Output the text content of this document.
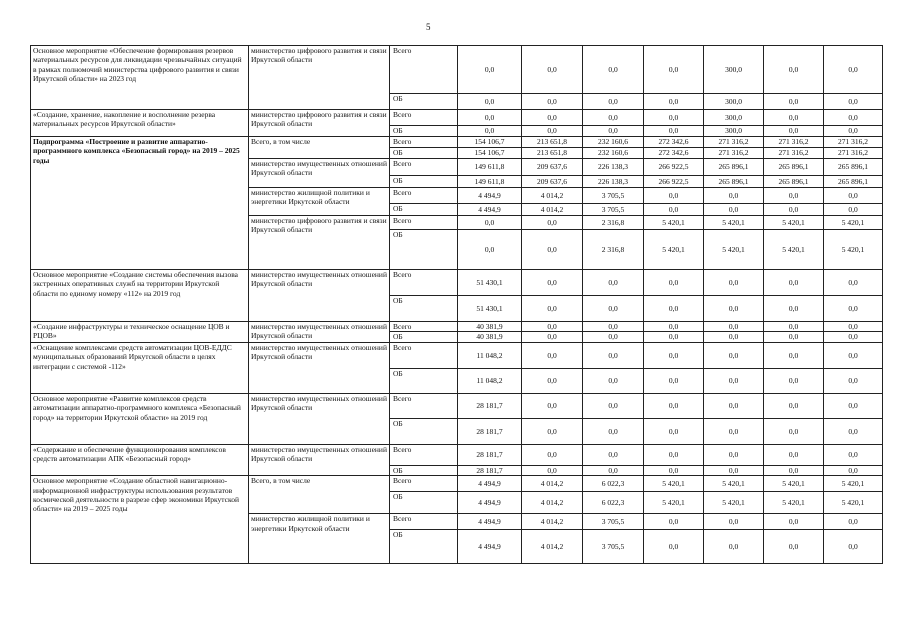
5
Основное мероприятие «Обеспечение формирования резервов материальных ресурсов для ликвидации чрезвычайных ситуаций в рамках полномочий министерства цифрового развития и связи Иркутской области» на 2023 год	министерство цифрового развития и связи Иркутской области	Всего	0,0	0,0	0,0	0,0	300,0	0,0	0,0
		ОБ	0,0	0,0	0,0	0,0	300,0	0,0	0,0
«Создание, хранение, накопление и восполнение резерва материальных ресурсов Иркутской области»	министерство цифрового развития и связи Иркутской области	Всего	0,0	0,0	0,0	0,0	300,0	0,0	0,0
		ОБ	0,0	0,0	0,0	0,0	300,0	0,0	0,0
Подпрограмма «Построение и развитие аппаратно-программного комплекса «Безопасный город» на 2019 – 2025 годы	Всего, в том числе	Всего	154 106,7	213 651,8	232 160,6	272 342,6	271 316,2	271 316,2	271 316,2
		ОБ	154 106,7	213 651,8	232 160,6	272 342,6	271 316,2	271 316,2	271 316,2
	министерство имущественных отношений Иркутской области	Всего	149 611,8	209 637,6	226 138,3	266 922,5	265 896,1	265 896,1	265 896,1
		ОБ	149 611,8	209 637,6	226 138,3	266 922,5	265 896,1	265 896,1	265 896,1
	министерство жилищной политики и энергетики Иркутской области	Всего	4 494,9	4 014,2	3 705,5	0,0	0,0	0,0	0,0
		ОБ	4 494,9	4 014,2	3 705,5	0,0	0,0	0,0	0,0
	министерство цифрового развития и связи Иркутской области	Всего	0,0	0,0	2 316,8	5 420,1	5 420,1	5 420,1	5 420,1
		ОБ	0,0	0,0	2 316,8	5 420,1	5 420,1	5 420,1	5 420,1
Основное мероприятие «Создание системы обеспечения вызова экстренных оперативных служб на территории Иркутской области по единому номеру «112» на 2019 год	министерство имущественных отношений Иркутской области	Всего	51 430,1	0,0	0,0	0,0	0,0	0,0	0,0
		ОБ	51 430,1	0,0	0,0	0,0	0,0	0,0	0,0
«Создание инфраструктуры и техническое оснащение ЦОВ и РЦОВ»	министерство имущественных отношений Иркутской области	Всего	40 381,9	0,0	0,0	0,0	0,0	0,0	0,0
		ОБ	40 381,9	0,0	0,0	0,0	0,0	0,0	0,0
«Оснащение комплексами средств автоматизации ЦОВ-ЕДДС муниципальных образований Иркутской области в целях интеграции с системой -112»	министерство имущественных отношений Иркутской области	Всего	11 048,2	0,0	0,0	0,0	0,0	0,0	0,0
		ОБ	11 048,2	0,0	0,0	0,0	0,0	0,0	0,0
Основное мероприятие «Развитие комплексов средств автоматизации аппаратно-программного комплекса «Безопасный город» на территории Иркутской области» на 2019 год	министерство имущественных отношений Иркутской области	Всего	28 181,7	0,0	0,0	0,0	0,0	0,0	0,0
		ОБ	28 181,7	0,0	0,0	0,0	0,0	0,0	0,0
«Содержание и обеспечение функционирования комплексов средств автоматизации АПК «Безопасный город»	министерство имущественных отношений Иркутской области	Всего	28 181,7	0,0	0,0	0,0	0,0	0,0	0,0
		ОБ	28 181,7	0,0	0,0	0,0	0,0	0,0	0,0
Основное мероприятие «Создание областной навигационно-информационной инфраструктуры использования результатов космической деятельности в разрезе сфер экономики Иркутской области» на 2019 – 2025 годы	Всего, в том числе	Всего	4 494,9	4 014,2	6 022,3	5 420,1	5 420,1	5 420,1	5 420,1
		ОБ	4 494,9	4 014,2	6 022,3	5 420,1	5 420,1	5 420,1	5 420,1
	министерство жилищной политики и энергетики Иркутской области	Всего	4 494,9	4 014,2	3 705,5	0,0	0,0	0,0	0,0
		ОБ	4 494,9	4 014,2	3 705,5	0,0	0,0	0,0	0,0
